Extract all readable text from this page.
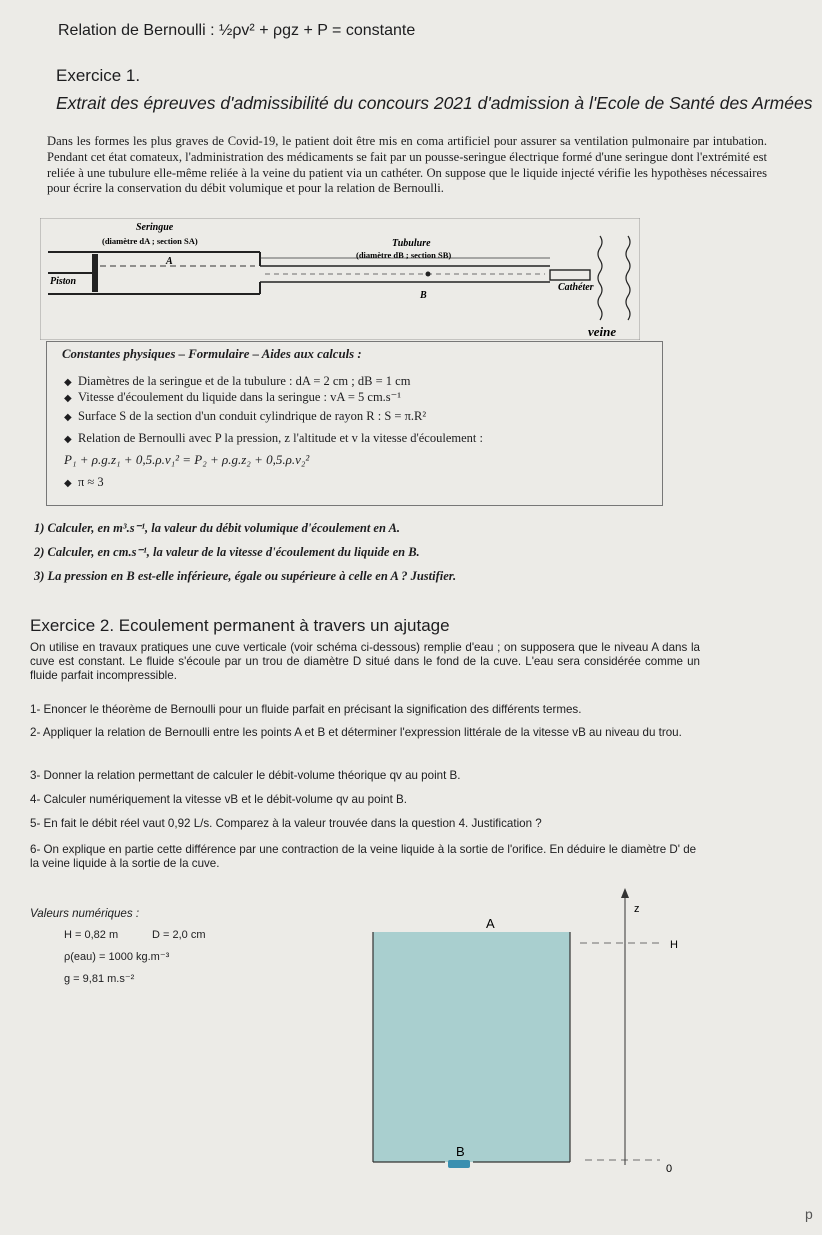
Relation de Bernoulli : ½ρv² + ρgz + P = constante
Exercice 1.
Extrait des épreuves d'admissibilité du concours 2021 d'admission à l'Ecole de Santé des Armées
Dans les formes les plus graves de Covid-19, le patient doit être mis en coma artificiel pour assurer sa ventilation pulmonaire par intubation. Pendant cet état comateux, l'administration des médicaments se fait par un pousse-seringue électrique formé d'une seringue dont l'extrémité est reliée à une tubulure elle-même reliée à la veine du patient via un cathéter. On suppose que le liquide injecté vérifie les hypothèses nécessaires pour écrire la conservation du débit volumique et pour la relation de Bernoulli.
Seringue
(diamètre dA ; section SA)	Tubulure
(diamètre dB ; section SB)
A
B
Piston
Cathéter
veine
Constantes physiques – Formulaire – Aides aux calculs :
◆ Diamètres de la seringue et de la tubulure : dA = 2 cm ; dB = 1 cm
◆ Vitesse d'écoulement du liquide dans la seringue : vA = 5 cm.s⁻¹
◆ Surface S de la section d'un conduit cylindrique de rayon R : S = π.R²
◆ Relation de Bernoulli avec P la pression, z l'altitude et v la vitesse d'écoulement :
P₁ + ρ.g.z₁ + 0,5.ρ.v₁² = P₂ + ρ.g.z₂ + 0,5.ρ.v₂²
◆ π ≈ 3
1) Calculer, en m³.s⁻¹, la valeur du débit volumique d'écoulement en A.
2) Calculer, en cm.s⁻¹, la valeur de la vitesse d'écoulement du liquide en B.
3) La pression en B est-elle inférieure, égale ou supérieure à celle en A ? Justifier.
Exercice 2. Ecoulement permanent à travers un ajutage
On utilise en travaux pratiques une cuve verticale (voir schéma ci-dessous) remplie d'eau ; on supposera que le niveau A dans la cuve est constant. Le fluide s'écoule par un trou de diamètre D situé dans le fond de la cuve. L'eau sera considérée comme un fluide parfait incompressible.
1- Enoncer le théorème de Bernoulli pour un fluide parfait en précisant la signification des différents termes.
2- Appliquer la relation de Bernoulli entre les points A et B et déterminer l'expression littérale de la vitesse vB au niveau du trou.
3- Donner la relation permettant de calculer le débit-volume théorique qv au point B.
4- Calculer numériquement la vitesse vB et le débit-volume qv au point B.
5- En fait le débit réel vaut 0,92 L/s. Comparez à la valeur trouvée dans la question 4. Justification ?
6- On explique en partie cette différence par une contraction de la veine liquide à la sortie de l'orifice. En déduire le diamètre D' de la veine liquide à la sortie de la cuve.
Valeurs numériques :
H = 0,82 m	D = 2,0 cm
ρ(eau) = 1000 kg.m⁻³
g = 9,81 m.s⁻²
A
B
z
H
0
p
